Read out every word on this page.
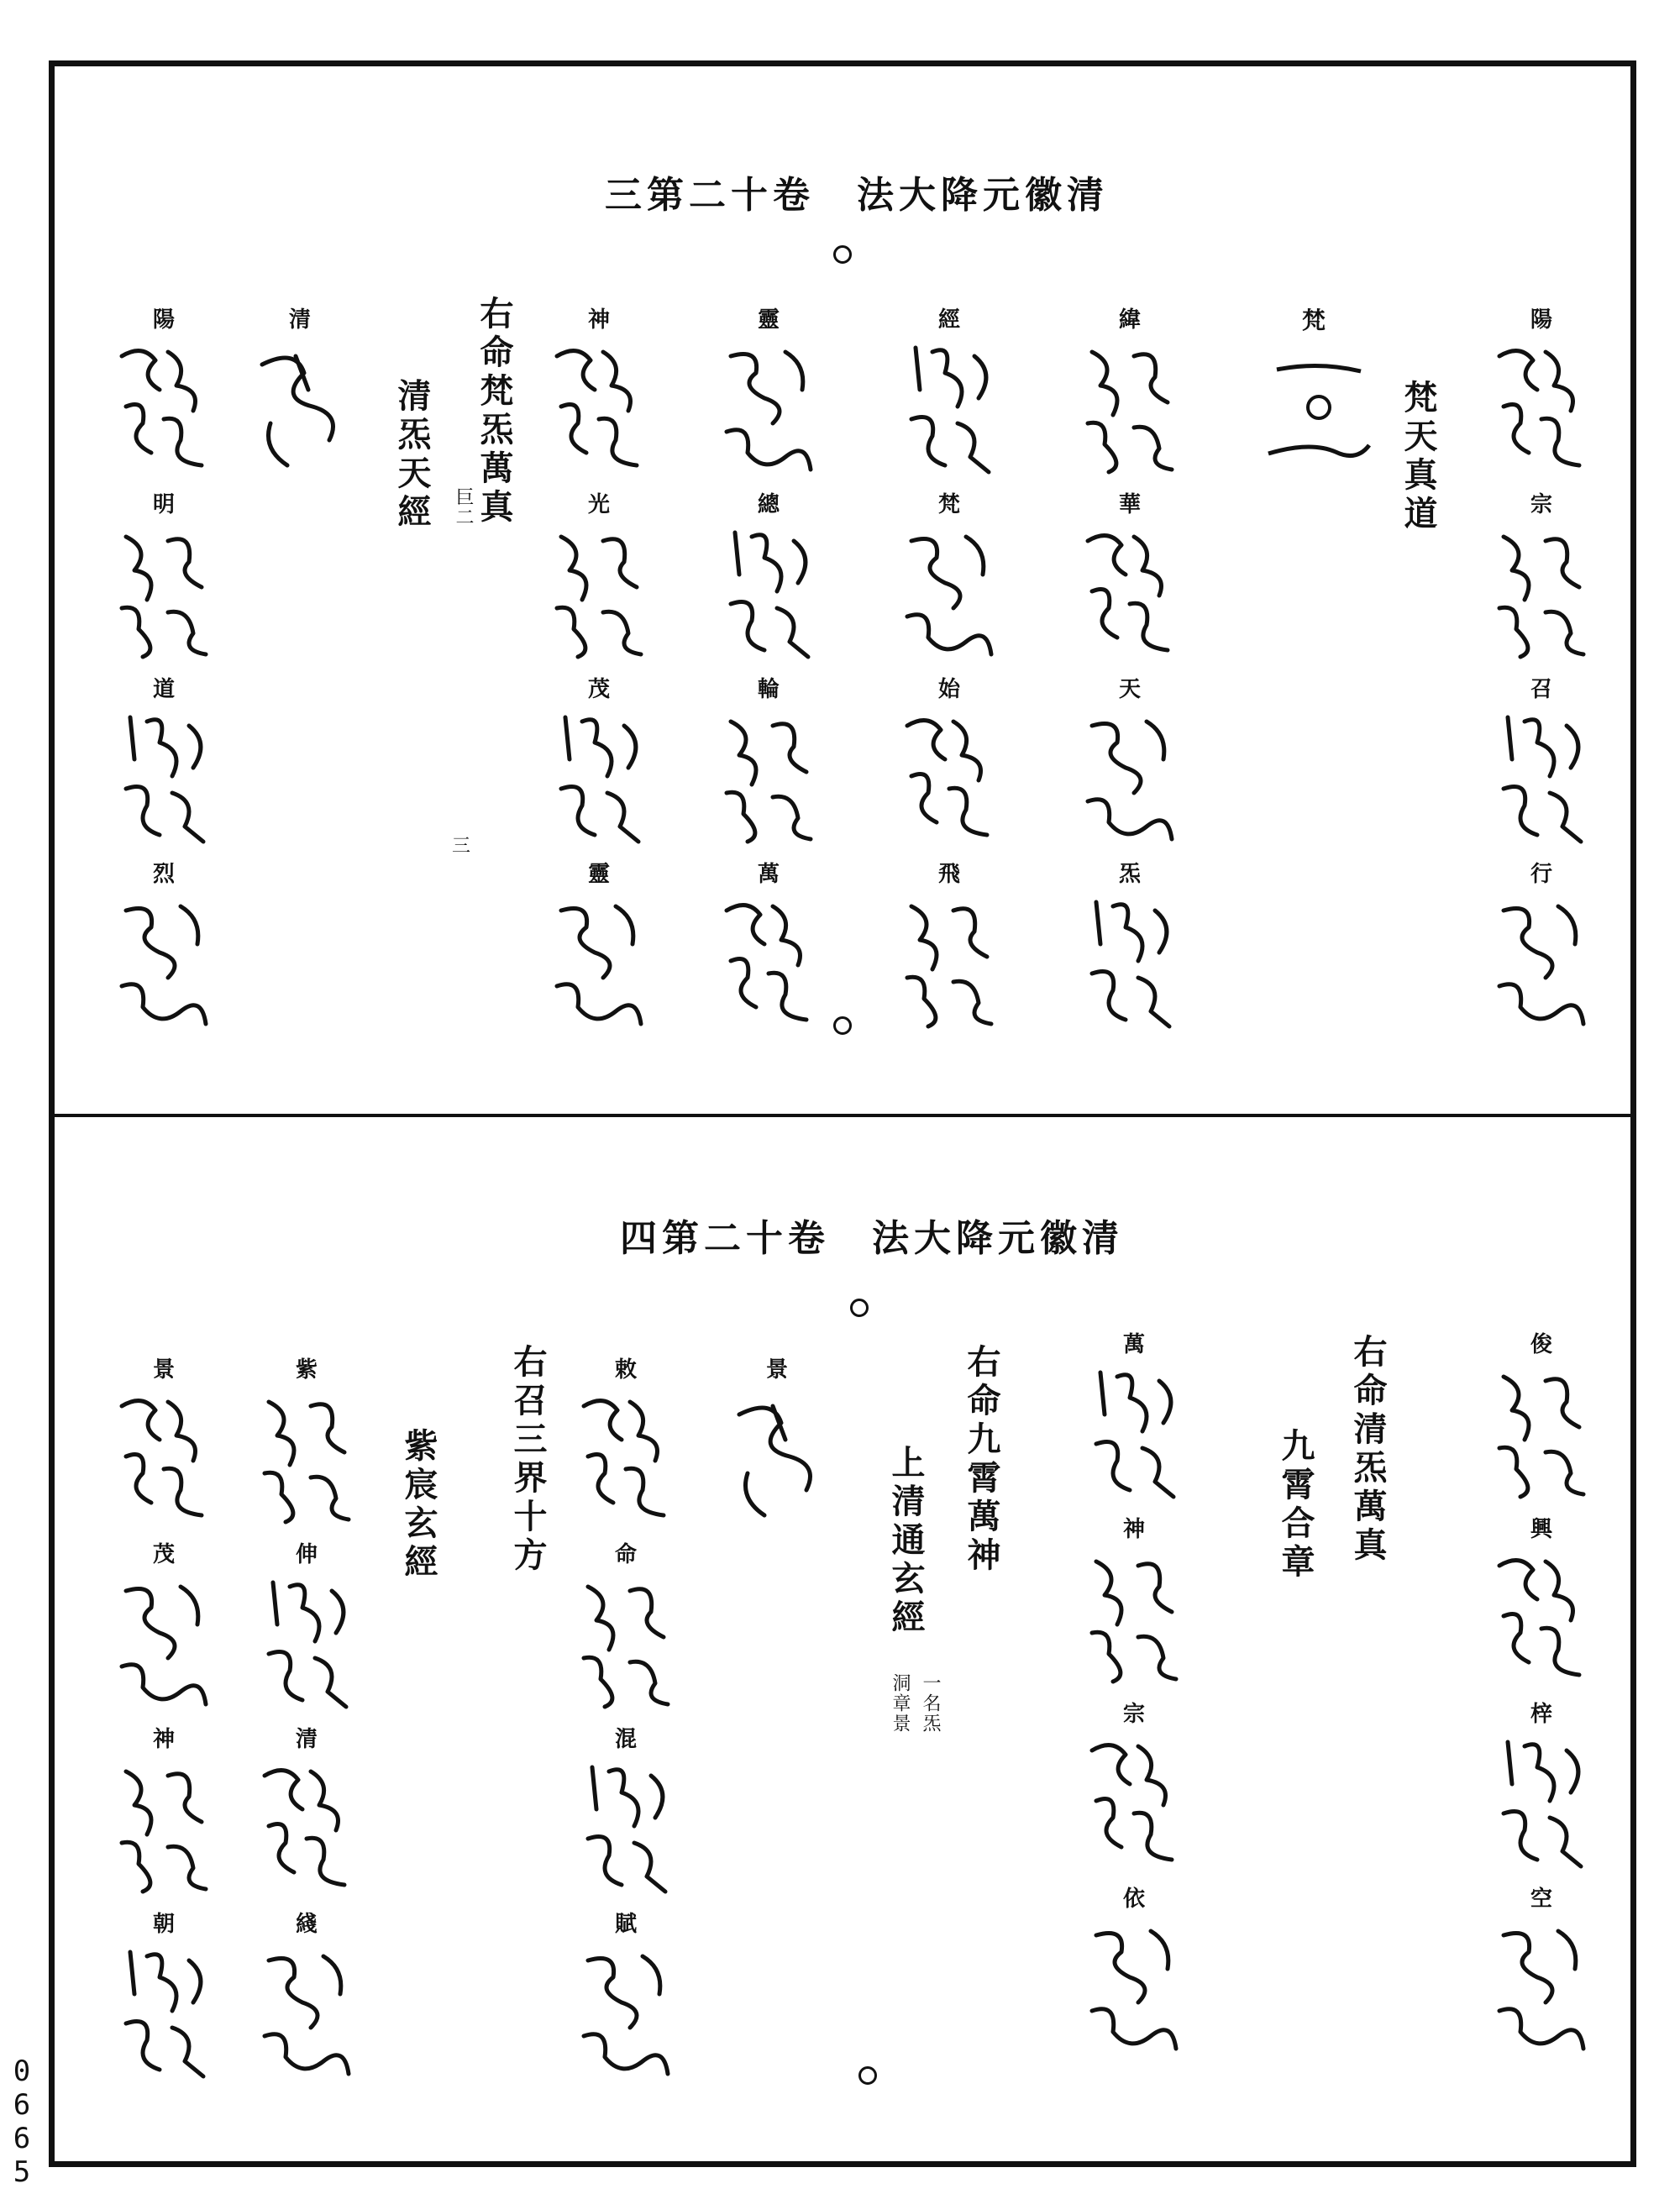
三第二十卷　法大降元徽清
梵天真道
梵
右命梵炁萬真
巨二
清炁天經
三
陽
宗
召
行
緯
華
天
炁
經
梵
始
飛
靈
總
輪
萬
神
光
茂
靈
清
陽
明
道
烈
四第二十卷　法大降元徽清
右命清炁萬真
九霄合章
右命九霄萬神
上清通玄經
一名炁
洞章景
右召三界十方
紫宸玄經
俊
興
梓
空
萬
神
宗
依
景
敕
命
混
賦
紫
伸
清
綫
景
茂
神
朝
0
6
6
5
